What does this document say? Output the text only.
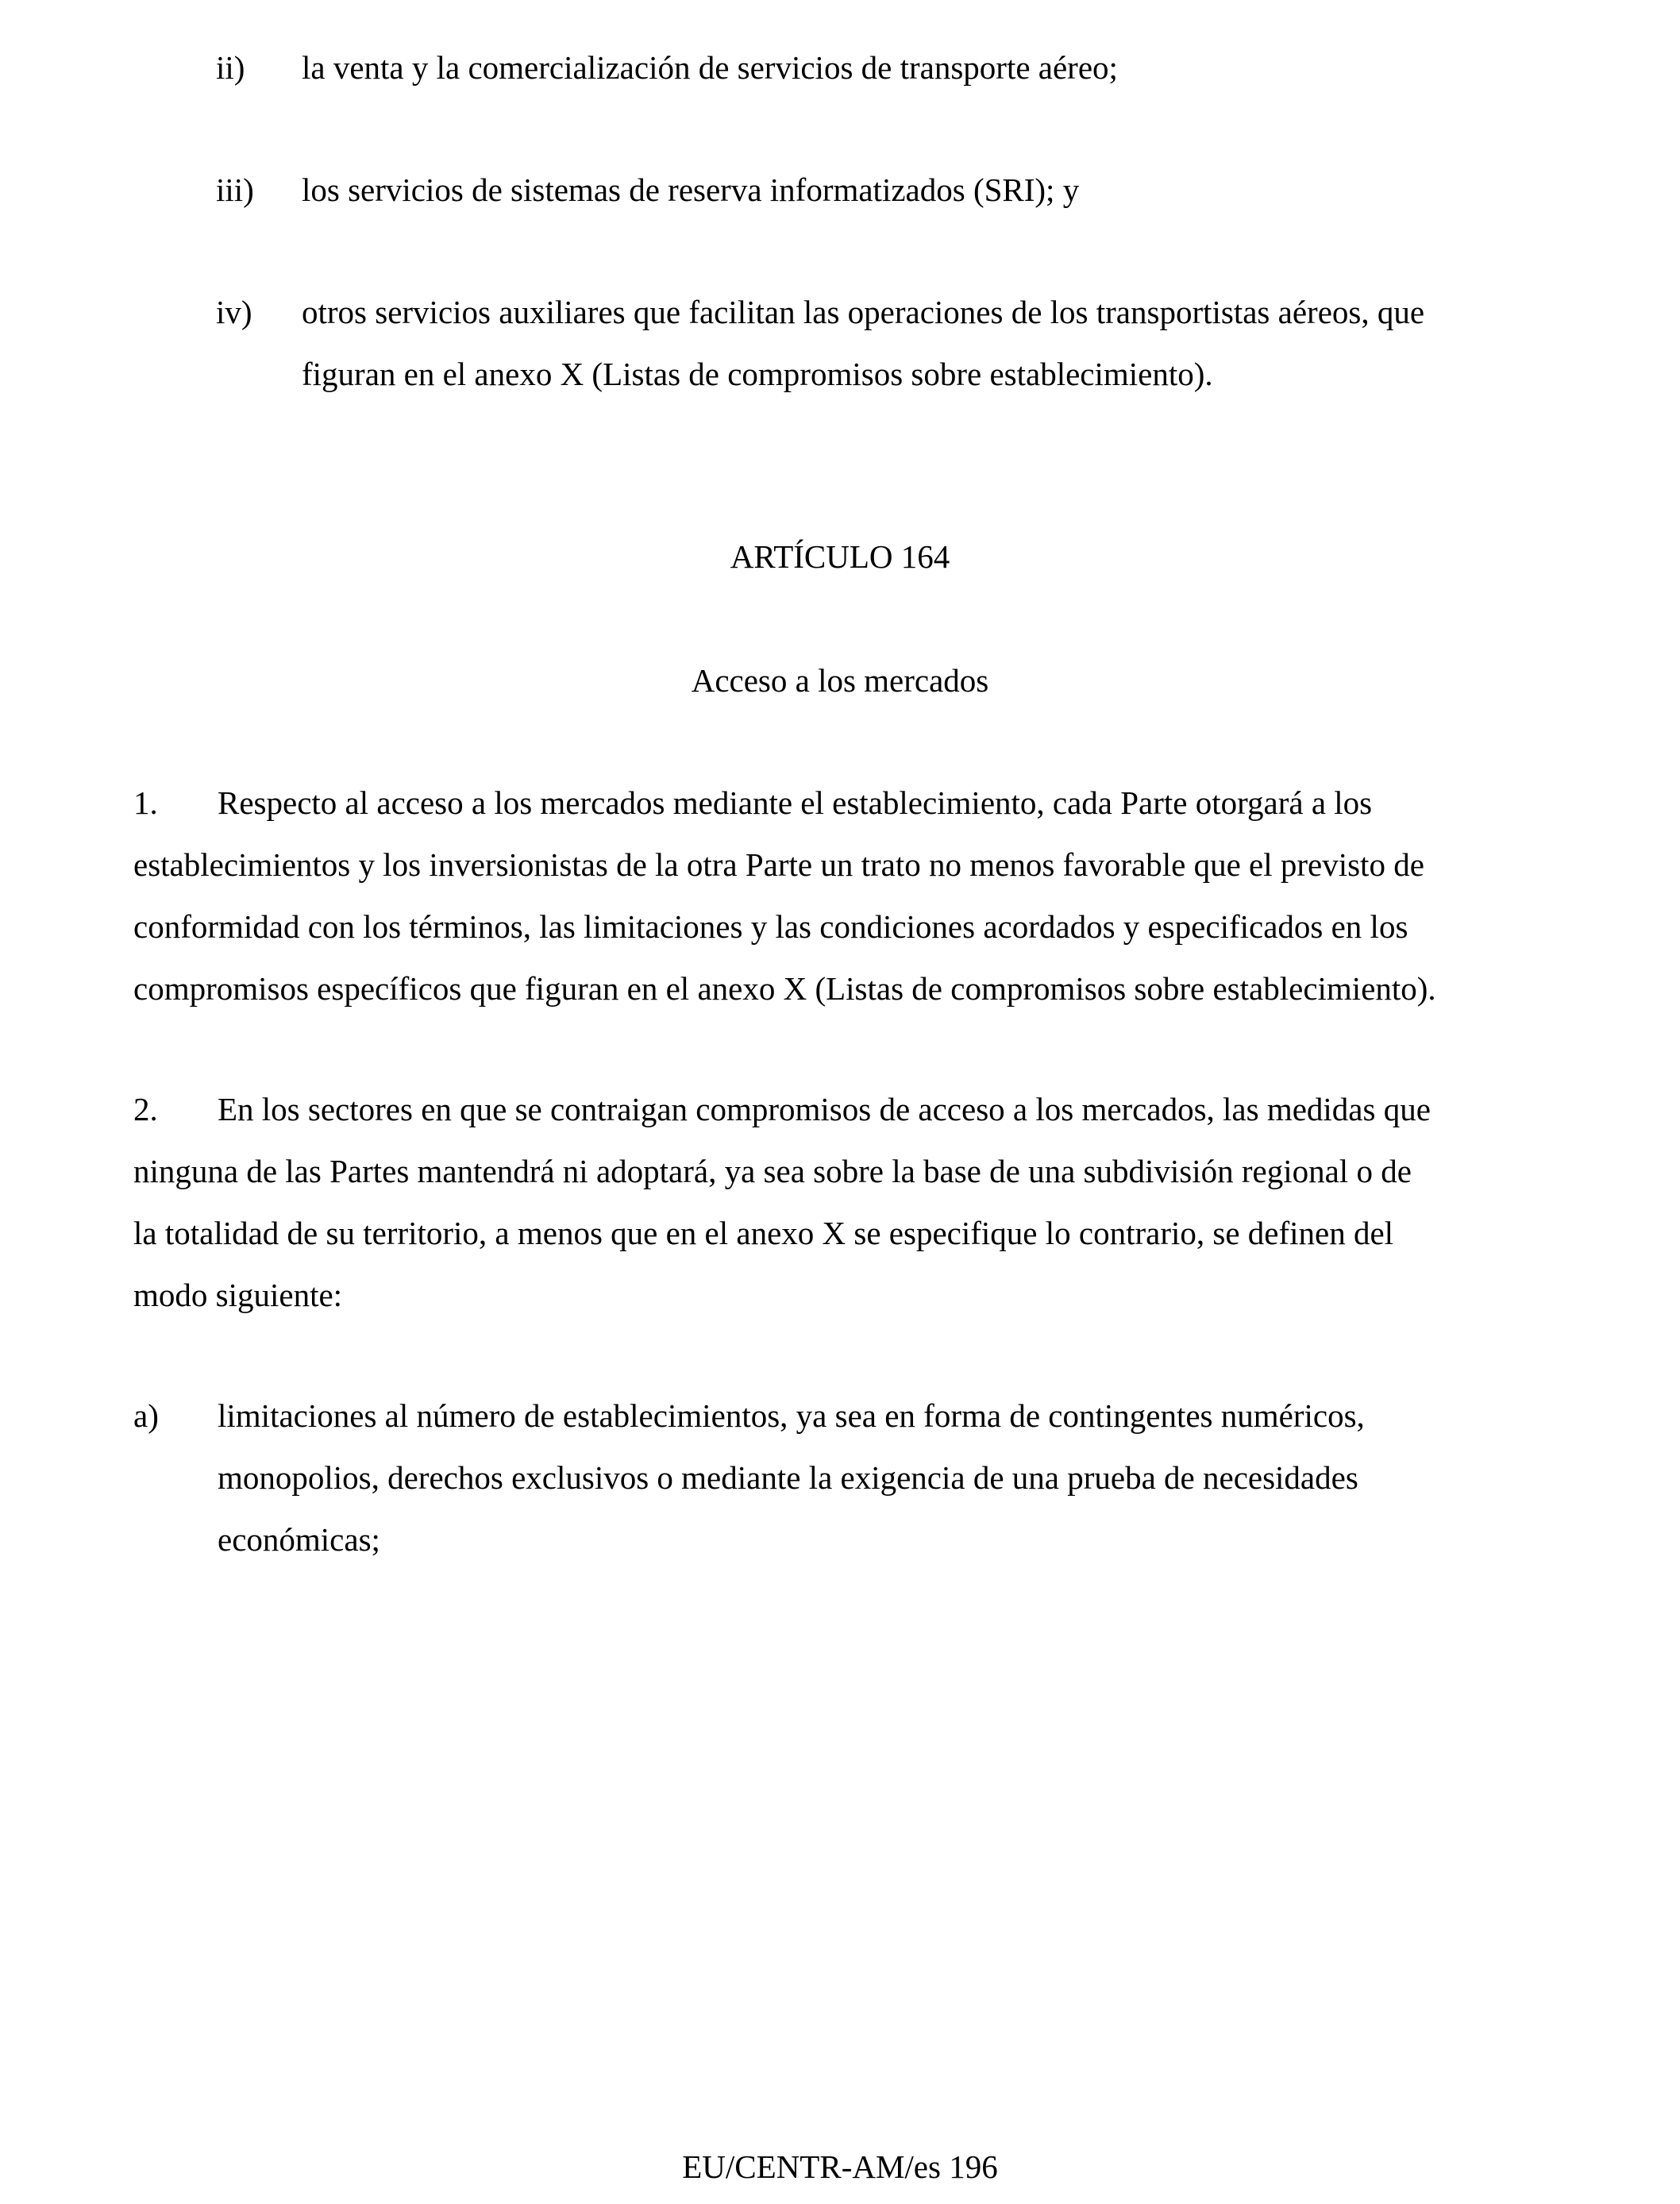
ii) la venta y la comercialización de servicios de transporte aéreo;
iii) los servicios de sistemas de reserva informatizados (SRI); y
iv) otros servicios auxiliares que facilitan las operaciones de los transportistas aéreos, que
figuran en el anexo X (Listas de compromisos sobre establecimiento).
ARTÍCULO 164
Acceso a los mercados
1.	Respecto al acceso a los mercados mediante el establecimiento, cada Parte otorgará a los
establecimientos y los inversionistas de la otra Parte un trato no menos favorable que el previsto de
conformidad con los términos, las limitaciones y las condiciones acordados y especificados en los
compromisos específicos que figuran en el anexo X (Listas de compromisos sobre establecimiento).
2.	En los sectores en que se contraigan compromisos de acceso a los mercados, las medidas que
ninguna de las Partes mantendrá ni adoptará, ya sea sobre la base de una subdivisión regional o de
la totalidad de su territorio, a menos que en el anexo X se especifique lo contrario, se definen del
modo siguiente:
a) limitaciones al número de establecimientos, ya sea en forma de contingentes numéricos,
monopolios, derechos exclusivos o mediante la exigencia de una prueba de necesidades
económicas;
EU/CENTR-AM/es 196
